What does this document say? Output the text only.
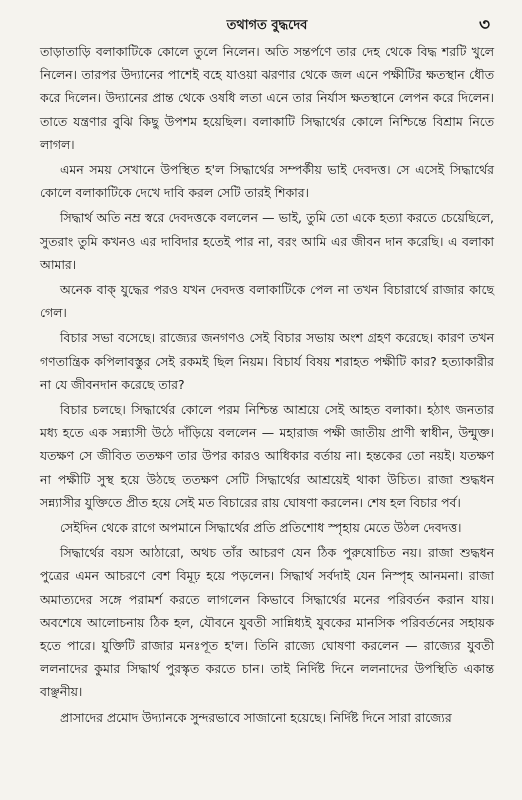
তথাগত বুদ্ধদেব	৩

তাড়াতাড়ি বলাকাটিকে কোলে তুলে নিলেন। অতি সন্তর্পণে তার দেহ থেকে বিদ্ধ শরটি খুলে নিলেন। তারপর উদ্যানের পাশেই বহে যাওয়া ঝরণার থেকে জল এনে পক্ষীটির ক্ষতস্থান ধৌত করে দিলেন। উদ্যানের প্রান্ত থেকে ওষধি লতা এনে তার নির্যাস ক্ষতস্থানে লেপন করে দিলেন। তাতে যন্ত্রণার বুঝি কিছু উপশম হয়েছিল। বলাকাটি সিদ্ধার্থের কোলে নিশ্চিন্তে বিশ্রাম নিতে লাগল।

এমন সময় সেখানে উপস্থিত হ'ল সিদ্ধার্থের সম্পর্কীয় ভাই দেবদত্ত। সে এসেই সিদ্ধার্থের কোলে বলাকাটিকে দেখে দাবি করল সেটি তারই শিকার।

সিদ্ধার্থ অতি নম্র স্বরে দেবদত্তকে বললেন — ভাই, তুমি তো একে হত্যা করতে চেয়েছিলে, সুতরাং তুমি কখনও এর দাবিদার হতেই পার না, বরং আমি এর জীবন দান করেছি। এ বলাকা আমার।

অনেক বাক্ যুদ্ধের পরও যখন দেবদত্ত বলাকাটিকে পেল না তখন বিচারার্থে রাজার কাছে গেল।

বিচার সভা বসেছে। রাজ্যের জনগণও সেই বিচার সভায় অংশ গ্রহণ করেছে। কারণ তখন গণতান্ত্রিক কপিলাবস্তুর সেই রকমই ছিল নিয়ম। বিচার্য বিষয় শরাহত পক্ষীটি কার? হত্যাকারীর না যে জীবনদান করেছে তার?

বিচার চলছে। সিদ্ধার্থের কোলে পরম নিশ্চিন্ত আশ্রয়ে সেই আহত বলাকা। হঠাৎ জনতার মধ্য হতে এক সন্ন্যাসী উঠে দাঁড়িয়ে বললেন — মহারাজ পক্ষী জাতীয় প্রাণী স্বাধীন, উন্মুক্ত। যতক্ষণ সে জীবিত ততক্ষণ তার উপর কারও আধিকার বর্তায় না। হন্তকের তো নয়ই। যতক্ষণ না পক্ষীটি সুস্থ হয়ে উঠছে ততক্ষণ সেটি সিদ্ধার্থের আশ্রয়েই থাকা উচিত। রাজা শুদ্ধধন সন্ন্যাসীর যুক্তিতে প্রীত হয়ে সেই মত বিচারের রায় ঘোষণা করলেন। শেষ হল বিচার পর্ব।

সেইদিন থেকে রাগে অপমানে সিদ্ধার্থের প্রতি প্রতিশোধ স্পৃহায় মেতে উঠল দেবদত্ত।

সিদ্ধার্থের বয়স আঠারো, অথচ তাঁর আচরণ যেন ঠিক পুরুষোচিত নয়। রাজা শুদ্ধধন পুত্রের এমন আচরণে বেশ বিমূঢ় হয়ে পড়লেন। সিদ্ধার্থ সর্বদাই যেন নিস্পৃহ আনমনা। রাজা অমাত্যদের সঙ্গে পরামর্শ করতে লাগলেন কিভাবে সিদ্ধার্থের মনের পরিবর্তন করান যায়। অবশেষে আলোচনায় ঠিক হল, যৌবনে যুবতী সান্নিধ্যই যুবকের মানসিক পরিবর্তনের সহায়ক হতে পারে। যুক্তিটি রাজার মনঃপূত হ'ল। তিনি রাজ্যে ঘোষণা করলেন — রাজ্যের যুবতী ললনাদের কুমার সিদ্ধার্থ পুরস্কৃত করতে চান। তাই নির্দিষ্ট দিনে ললনাদের উপস্থিতি একান্ত বাঞ্ছনীয়।

প্রাসাদের প্রমোদ উদ্যানকে সুন্দরভাবে সাজানো হয়েছে। নির্দিষ্ট দিনে সারা রাজ্যের
